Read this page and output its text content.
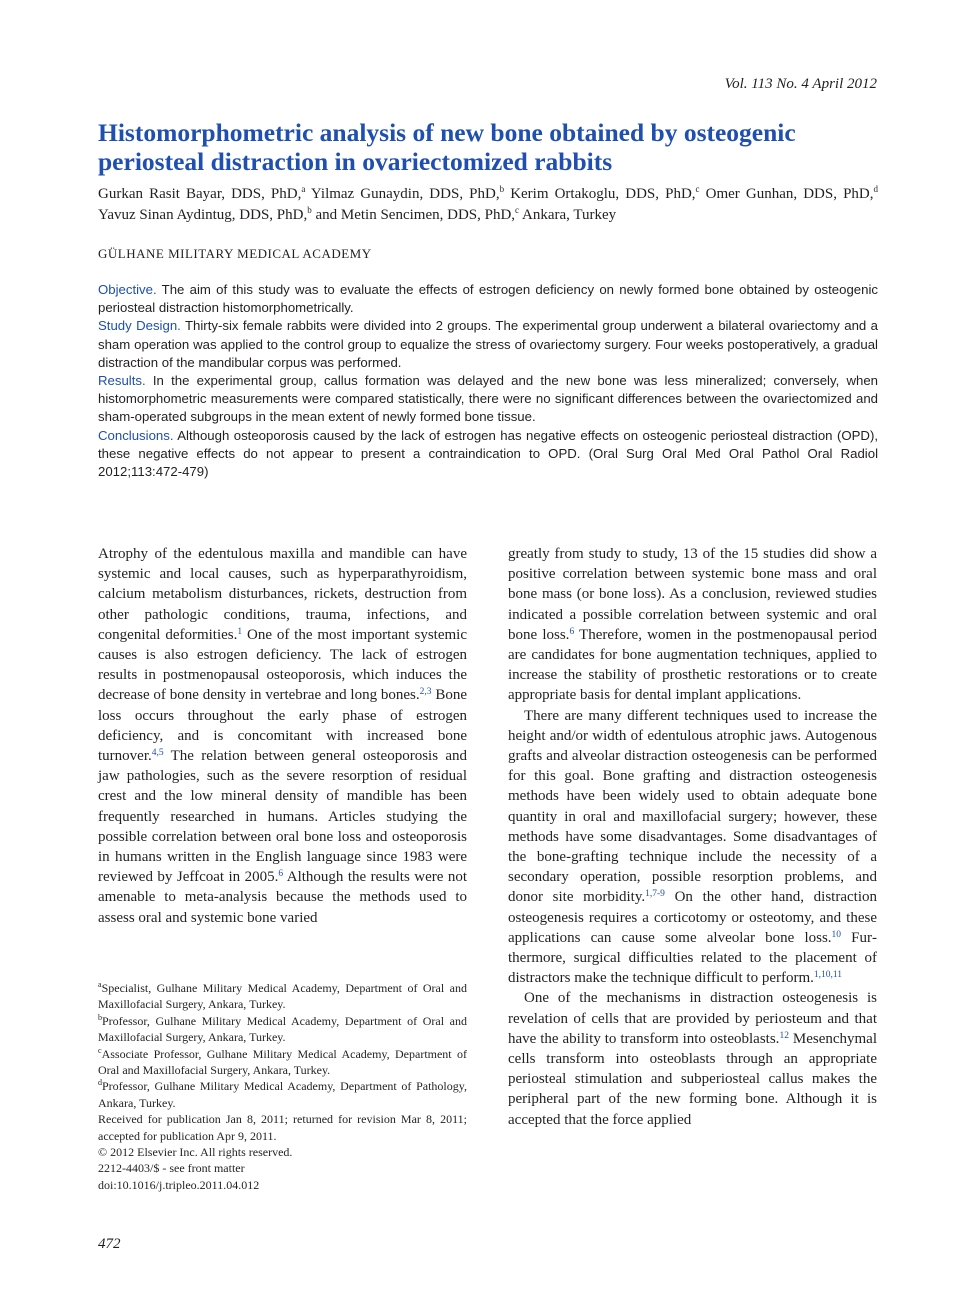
Vol. 113 No. 4 April 2012
Histomorphometric analysis of new bone obtained by osteogenic periosteal distraction in ovariectomized rabbits
Gurkan Rasit Bayar, DDS, PhD,$^a$ Yilmaz Gunaydin, DDS, PhD,$^b$ Kerim Ortakoglu, DDS, PhD,$^c$ Omer Gunhan, DDS, PhD,$^d$ Yavuz Sinan Aydintug, DDS, PhD,$^b$ and Metin Sencimen, DDS, PhD,$^c$ Ankara, Turkey
GÜLHANE MILITARY MEDICAL ACADEMY

Objective. The aim of this study was to evaluate the effects of estrogen deficiency on newly formed bone obtained by osteogenic periosteal distraction histomorphometrically.

Study Design. Thirty-six female rabbits were divided into 2 groups. The experimental group underwent a bilateral ovariectomy and a sham operation was applied to the control group to equalize the stress of ovariectomy surgery. Four weeks postoperatively, a gradual distraction of the mandibular corpus was performed.

Results. In the experimental group, callus formation was delayed and the new bone was less mineralized; conversely, when histomorphometric measurements were compared statistically, there were no significant differences between the ovariectomized and sham-operated subgroups in the mean extent of newly formed bone tissue.

Conclusions. Although osteoporosis caused by the lack of estrogen has negative effects on osteogenic periosteal distraction (OPD), these negative effects do not appear to present a contraindication to OPD. (Oral Surg Oral Med Oral Pathol Oral Radiol 2012;113:472-479)

Atrophy of the edentulous maxilla and mandible can have systemic and local causes, such as hyperparathyroidism, calcium metabolism disturbances, rickets, destruction from other pathologic conditions, trauma, infections, and congenital deformities.$^1$ One of the most important systemic causes is also estrogen deficiency. The lack of estrogen results in postmenopausal osteoporosis, which induces the decrease of bone density in vertebrae and long bones.$^{2,3}$ Bone loss occurs throughout the early phase of estrogen deficiency, and is concomitant with increased bone turnover.$^{4,5}$ The relation between general osteoporosis and jaw pathologies, such as the severe resorption of residual crest and the low mineral density of mandible has been frequently researched in humans. Articles studying the possible correlation between oral bone loss and osteoporosis in humans written in the English language since 1983 were reviewed by Jeffcoat in 2005.$^6$ Although the results were not amenable to meta-analysis because the methods used to assess oral and systemic bone varied

$^a$Specialist, Gulhane Military Medical Academy, Department of Oral and Maxillofacial Surgery, Ankara, Turkey.

$^b$Professor, Gulhane Military Medical Academy, Department of Oral and Maxillofacial Surgery, Ankara, Turkey.

$^c$Associate Professor, Gulhane Military Medical Academy, Department of Oral and Maxillofacial Surgery, Ankara, Turkey.

$^d$Professor, Gulhane Military Medical Academy, Department of Pathology, Ankara, Turkey.

Received for publication Jan 8, 2011; returned for revision Mar 8, 2011; accepted for publication Apr 9, 2011.

© 2012 Elsevier Inc. All rights reserved.

2212-4403/$ - see front matter

doi:10.1016/j.tripleo.2011.04.012

greatly from study to study, 13 of the 15 studies did show a positive correlation between systemic bone mass and oral bone mass (or bone loss). As a conclusion, reviewed studies indicated a possible correlation between systemic and oral bone loss.$^6$ Therefore, women in the postmenopausal period are candidates for bone augmentation techniques, applied to increase the stability of prosthetic restorations or to create appropriate basis for dental implant applications.

There are many different techniques used to increase the height and/or width of edentulous atrophic jaws. Autogenous grafts and alveolar distraction osteogenesis can be performed for this goal. Bone grafting and distraction osteogenesis methods have been widely used to obtain adequate bone quantity in oral and maxillofacial surgery; however, these methods have some disadvantages. Some disadvantages of the bone-grafting technique include the necessity of a secondary operation, possible resorption problems, and donor site morbidity.$^{1,7-9}$ On the other hand, distraction osteogenesis requires a corticotomy or osteotomy, and these applications can cause some alveolar bone loss.$^{10}$ Furthermore, surgical difficulties related to the placement of distractors make the technique difficult to perform.$^{1,10,11}$

One of the mechanisms in distraction osteogenesis is revelation of cells that are provided by periosteum and that have the ability to transform into osteoblasts.$^{12}$ Mesenchymal cells transform into osteoblasts through an appropriate periosteal stimulation and subperiosteal callus makes the peripheral part of the new forming bone. Although it is accepted that the force applied

472
